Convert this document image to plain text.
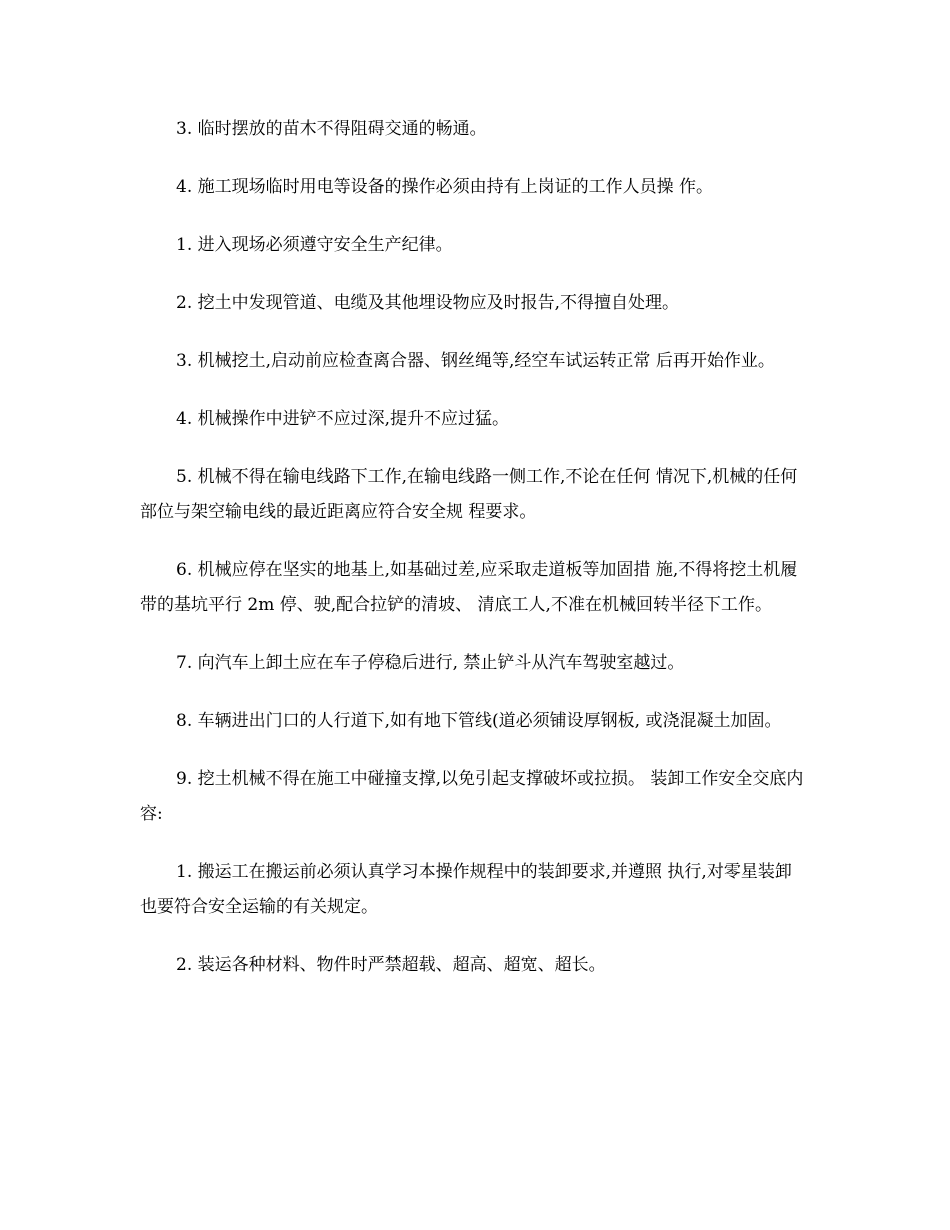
3. 临时摆放的苗木不得阻碍交通的畅通。

4. 施工现场临时用电等设备的操作必须由持有上岗证的工作人员操 作。

1. 进入现场必须遵守安全生产纪律。

2. 挖土中发现管道、电缆及其他埋设物应及时报告,不得擅自处理。

3. 机械挖土,启动前应检查离合器、钢丝绳等,经空车试运转正常 后再开始作业。

4. 机械操作中进铲不应过深,提升不应过猛。

5. 机械不得在输电线路下工作,在输电线路一侧工作,不论在任何 情况下,机械的任何部位与架空输电线的最近距离应符合安全规 程要求。

6. 机械应停在坚实的地基上,如基础过差,应采取走道板等加固措 施,不得将挖土机履带的基坑平行 2m 停、驶,配合拉铲的清坡、 清底工人,不准在机械回转半径下工作。

7. 向汽车上卸土应在车子停稳后进行, 禁止铲斗从汽车驾驶室越过。

8. 车辆进出门口的人行道下,如有地下管线(道必须铺设厚钢板, 或浇混凝土加固。

9. 挖土机械不得在施工中碰撞支撑,以免引起支撑破坏或拉损。 装卸工作安全交底内容:

1. 搬运工在搬运前必须认真学习本操作规程中的装卸要求,并遵照 执行,对零星装卸也要符合安全运输的有关规定。

2. 装运各种材料、物件时严禁超载、超高、超宽、超长。
